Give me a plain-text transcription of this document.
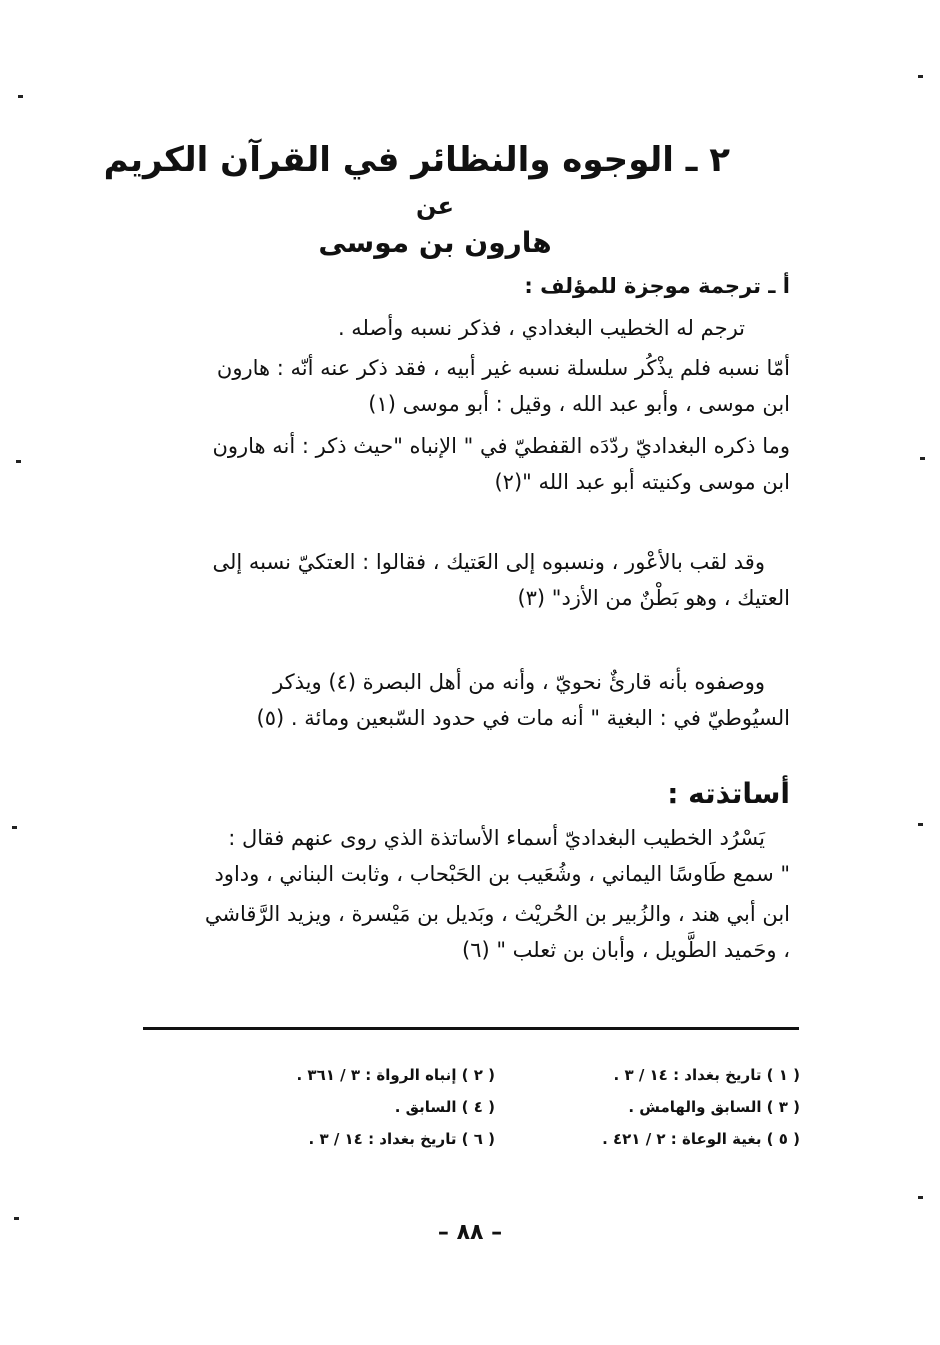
٢ ـ الوجوه والنظائر في القرآن الكريم
عن
هارون بن موسى
أ ـ ترجمة موجزة للمؤلف :
ترجم له الخطيب البغدادي ، فذكر نسبه وأصله .
أمّا نسبه فلم يذْكُر سلسلة نسبه غير أبيه ، فقد ذكر عنه أنّه : هارون
ابن موسى ، وأبو عبد الله ، وقيل : أبو موسى (١)
وما ذكره البغداديّ ردّدَه القفطيّ في " الإنباه "حيث ذكر : أنه هارون
ابن موسى وكنيته أبو عبد الله "(٢)
وقد لقب بالأعْور ، ونسبوه إلى العَتيك ، فقالوا : العتكيّ نسبه إلى
العتيك ، وهو بَطْنٌ من الأزد" (٣)
ووصفوه بأنه قارئٌ نحويّ ، وأنه من أهل البصرة (٤) ويذكر
السيُوطيّ في : البغية " أنه مات في حدود السّبعين ومائة . (٥)
أساتذته :
يَسْرُد الخطيب البغداديّ أسماء الأساتذة الذي روى عنهم فقال :
" سمع طَاوسًا اليماني ، وشُعَيب بن الحَبْحاب ، وثابت البناني ، وداود
ابن أبي هند ، والزُبير بن الحُريْث ، وبَديل بن مَيْسرة ، ويزيد الرَّقاشي
، وحَميد الطَّويل ، وأبان بن ثعلب " (٦)
( ١ ) تاريخ بغداد : ١٤ / ٣ .
( ٢ ) إنباه الرواة : ٣ / ٣٦١ .
( ٣ ) السابق والهامش .
( ٤ ) السابق .
( ٥ ) بغية الوعاة : ٢ / ٤٢١ .
( ٦ ) تاريخ بغداد : ١٤ / ٣ .
– ٨٨ –
